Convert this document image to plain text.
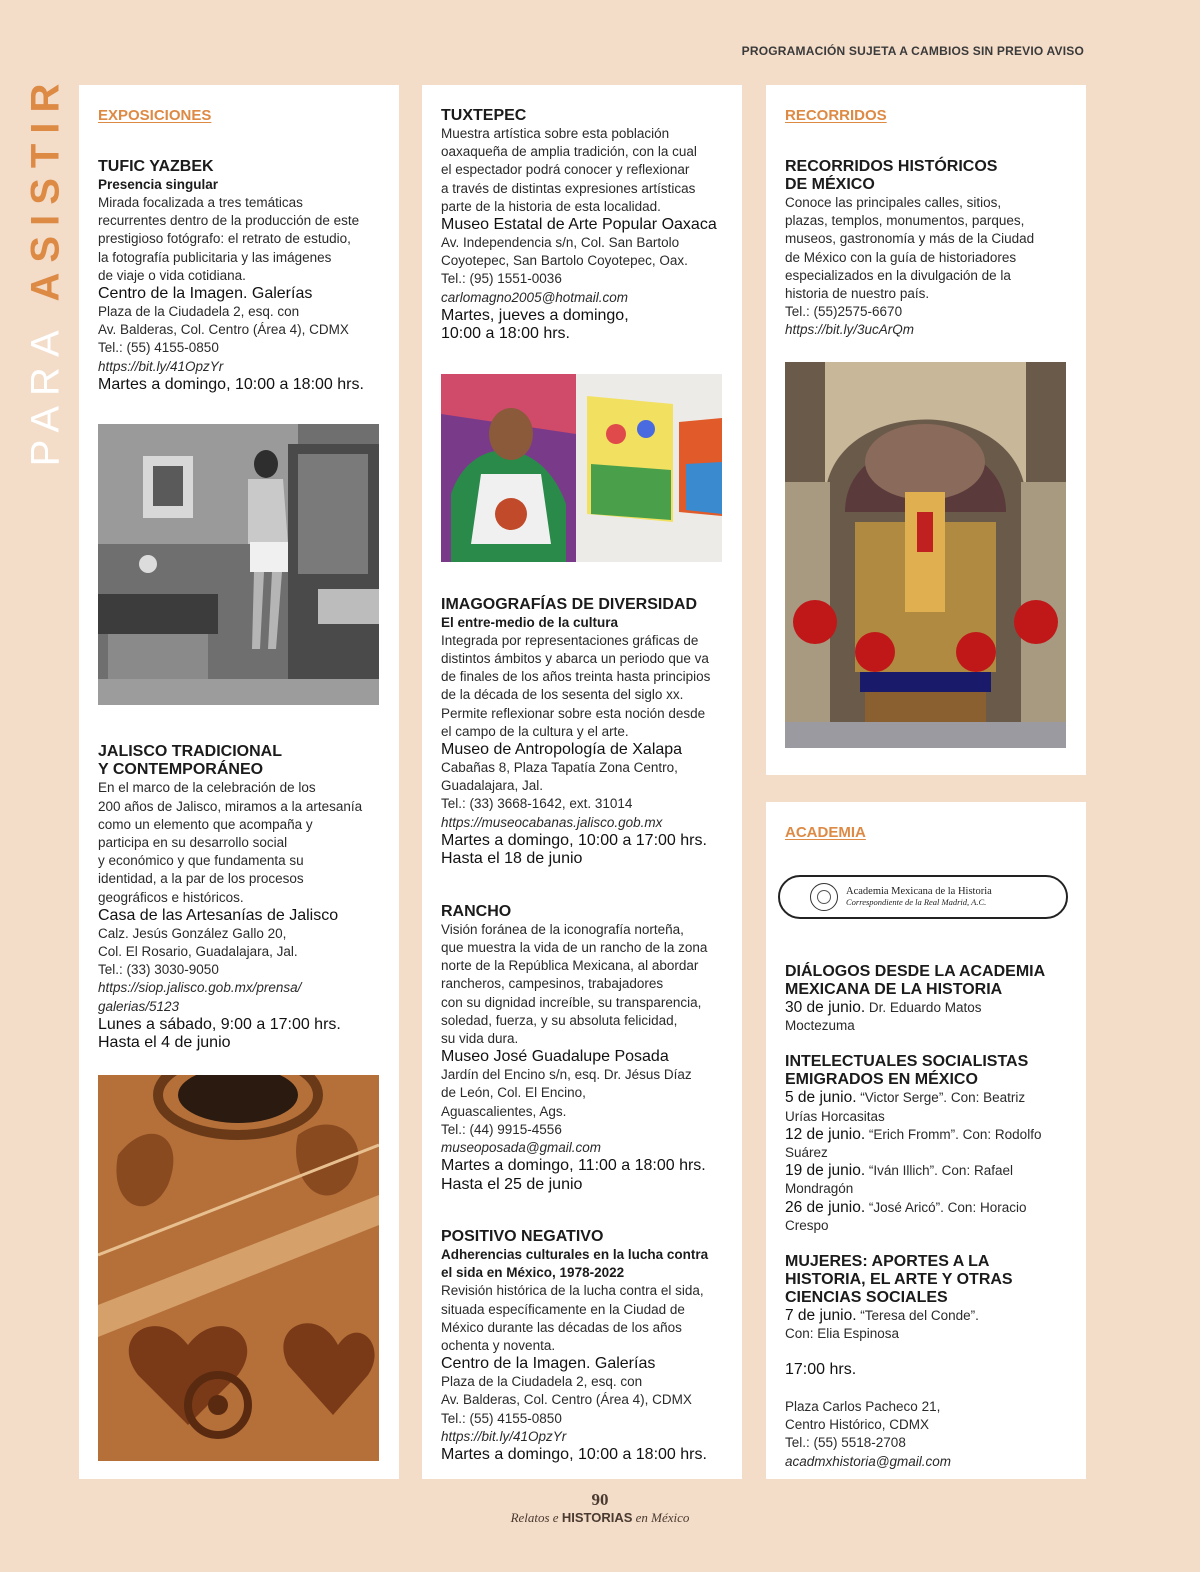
PROGRAMACIÓN SUJETA A CAMBIOS SIN PREVIO AVISO
PARA ASISTIR EXPOSICIONES
TUFIC YAZBEK
Presencia singular
Mirada focalizada a tres temáticas
recurrentes dentro de la producción de este
prestigioso fotógrafo: el retrato de estudio,
la fotografía publicitaria y las imágenes
de viaje o vida cotidiana.
Centro de la Imagen. Galerías
Plaza de la Ciudadela 2, esq. con
Av. Balderas, Col. Centro (Área 4), CDMX
Tel.: (55) 4155-0850
https://bit.ly/41OpzYr
Martes a domingo, 10:00 a 18:00 hrs.
JALISCO TRADICIONAL
Y CONTEMPORÁNEO
En el marco de la celebración de los
200 años de Jalisco, miramos a la artesanía
como un elemento que acompaña y
participa en su desarrollo social
y económico y que fundamenta su
identidad, a la par de los procesos
geográficos e históricos.
Casa de las Artesanías de Jalisco
Calz. Jesús González Gallo 20,
Col. El Rosario, Guadalajara, Jal.
Tel.: (33) 3030-9050
https://siop.jalisco.gob.mx/prensa/
galerias/5123
Lunes a sábado, 9:00 a 17:00 hrs.
Hasta el 4 de junio
TUXTEPEC
Muestra artística sobre esta población
oaxaqueña de amplia tradición, con la cual
el espectador podrá conocer y reflexionar
a través de distintas expresiones artísticas
parte de la historia de esta localidad.
Museo Estatal de Arte Popular Oaxaca
Av. Independencia s/n, Col. San Bartolo
Coyotepec, San Bartolo Coyotepec, Oax.
Tel.: (95) 1551-0036
carlomagno2005@hotmail.com
Martes, jueves a domingo,
10:00 a 18:00 hrs.
IMAGOGRAFÍAS DE DIVERSIDAD
El entre-medio de la cultura
Integrada por representaciones gráficas de
distintos ámbitos y abarca un periodo que va
de finales de los años treinta hasta principios
de la década de los sesenta del siglo xx.
Permite reflexionar sobre esta noción desde
el campo de la cultura y el arte.
Museo de Antropología de Xalapa
Cabañas 8, Plaza Tapatía Zona Centro,
Guadalajara, Jal.
Tel.: (33) 3668-1642, ext. 31014
https://museocabanas.jalisco.gob.mx
Martes a domingo, 10:00 a 17:00 hrs.
Hasta el 18 de junio
RANCHO
Visión foránea de la iconografía norteña,
que muestra la vida de un rancho de la zona
norte de la República Mexicana, al abordar
rancheros, campesinos, trabajadores
con su dignidad increíble, su transparencia,
soledad, fuerza, y su absoluta felicidad,
su vida dura.
Museo José Guadalupe Posada
Jardín del Encino s/n, esq. Dr. Jésus Díaz
de León, Col. El Encino,
Aguascalientes, Ags.
Tel.: (44) 9915-4556
museoposada@gmail.com
Martes a domingo, 11:00 a 18:00 hrs.
Hasta el 25 de junio
POSITIVO NEGATIVO
Adherencias culturales en la lucha contra
el sida en México, 1978-2022
Revisión histórica de la lucha contra el sida,
situada específicamente en la Ciudad de
México durante las décadas de los años
ochenta y noventa.
Centro de la Imagen. Galerías
Plaza de la Ciudadela 2, esq. con
Av. Balderas, Col. Centro (Área 4), CDMX
Tel.: (55) 4155-0850
https://bit.ly/41OpzYr
Martes a domingo, 10:00 a 18:00 hrs.
RECORRIDOS
RECORRIDOS HISTÓRICOS
DE MÉXICO
Conoce las principales calles, sitios,
plazas, templos, monumentos, parques,
museos, gastronomía y más de la Ciudad
de México con la guía de historiadores
especializados en la divulgación de la
historia de nuestro país.
Tel.: (55)2575-6670
https://bit.ly/3ucArQm
ACADEMIA
Academia Mexicana de la Historia
Correspondiente de la Real Madrid, A.C.
DIÁLOGOS DESDE LA ACADEMIA
MEXICANA DE LA HISTORIA
30 de junio. Dr. Eduardo Matos
Moctezuma
INTELECTUALES SOCIALISTAS
EMIGRADOS EN MÉXICO
5 de junio. “Victor Serge”. Con: Beatriz
Urías Horcasitas
12 de junio. “Erich Fromm”. Con: Rodolfo
Suárez
19 de junio. “Iván Illich”. Con: Rafael
Mondragón
26 de junio. “José Aricó”. Con: Horacio
Crespo
MUJERES: APORTES A LA
HISTORIA, EL ARTE Y OTRAS
CIENCIAS SOCIALES
7 de junio. “Teresa del Conde”.
Con: Elia Espinosa
17:00 hrs.
Plaza Carlos Pacheco 21,
Centro Histórico, CDMX
Tel.: (55) 5518-2708
acadmxhistoria@gmail.com
90
Relatos e HISTORIAS en México
